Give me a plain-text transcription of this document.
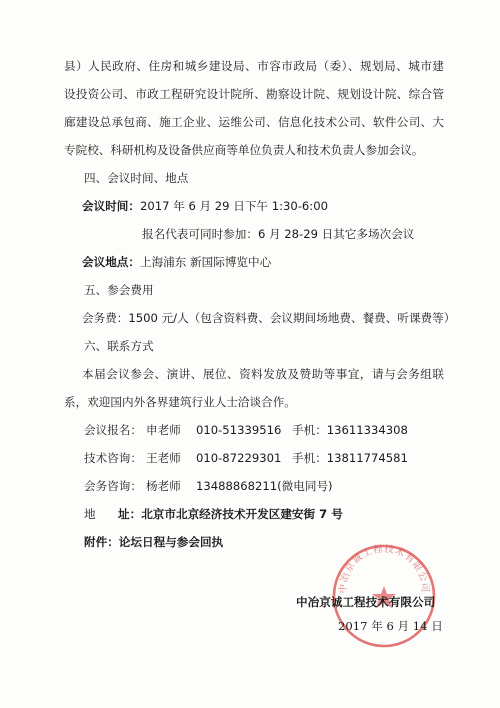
县）人民政府、住房和城乡建设局、市容市政局（委）、规划局、城市建
设投资公司、市政工程研究设计院所、勘察设计院、规划设计院、综合管
廊建设总承包商、施工企业、运维公司、信息化技术公司、软件公司、大
专院校、科研机构及设备供应商等单位负责人和技术负责人参加会议。
四、会议时间、地点
会议时间：2017 年 6 月 29 日下午 1:30-6:00
报名代表可同时参加：6 月 28-29 日其它多场次会议
会议地点：上海浦东 新国际博览中心
五、参会费用
会务费：1500 元/人（包含资料费、会议期间场地费、餐费、听课费等）
六、联系方式
本届会议参会、演讲、展位、资料发放及赞助等事宜，请与会务组联
系，欢迎国内外各界建筑行业人士洽谈合作。
会议报名： 申老师 010-51339516 手机：13611334308
技术咨询： 王老师 010-87229301 手机：13811774581
会务咨询： 杨老师 13488868211(微电同号)
地 址：北京市北京经济技术开发区建安街 7 号
附件：论坛日程与参会回执
中冶京诚工程技术有限公司
中冶京诚工程技术有限公司
2017 年 6 月 14 日
